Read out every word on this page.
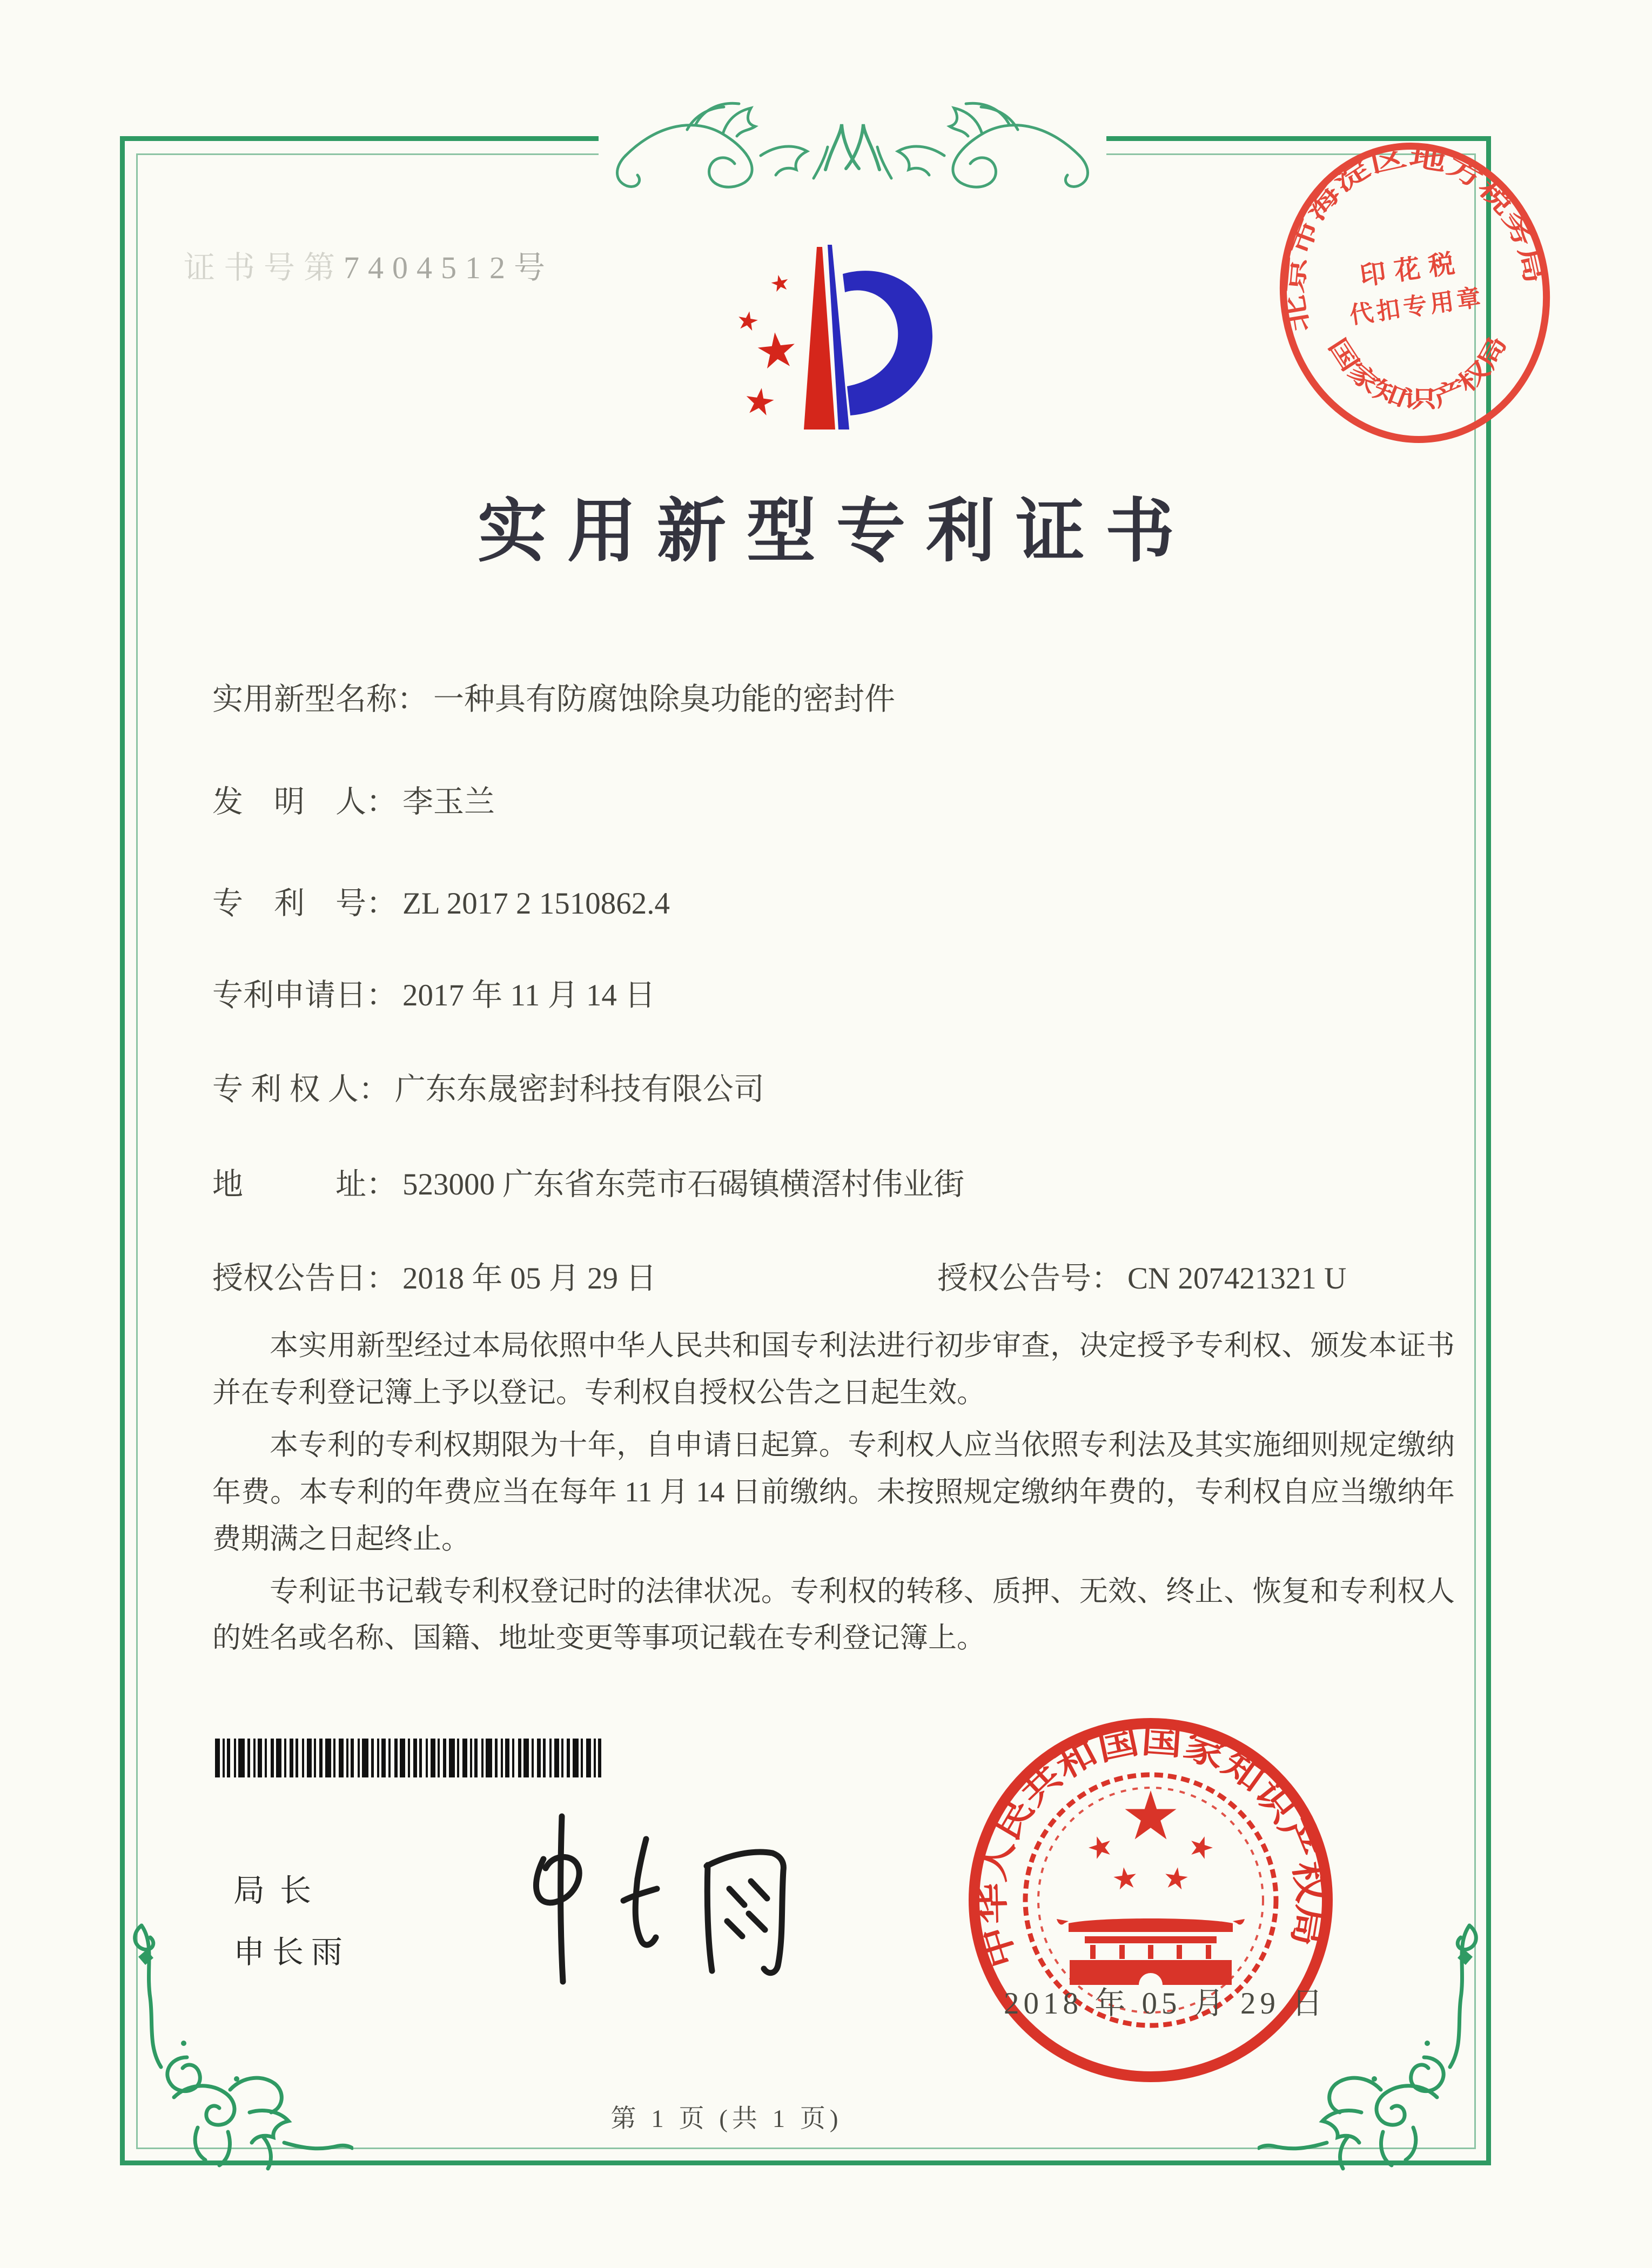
证书号第7404512号
实用新型专利证书
实用新型名称： 一种具有防腐蚀除臭功能的密封件
发　明　人： 李玉兰
专　利　号： ZL 2017 2 1510862.4
专利申请日： 2017 年 11 月 14 日
专 利 权 人： 广东东晟密封科技有限公司
地　　　址： 523000 广东省东莞市石碣镇横滘村伟业街
授权公告日： 2018 年 05 月 29 日	授权公告号： CN 207421321 U

本实用新型经过本局依照中华人民共和国专利法进行初步审查，决定授予专利权、颁发本证书并在专利登记簿上予以登记。专利权自授权公告之日起生效。

本专利的专利权期限为十年，自申请日起算。专利权人应当依照专利法及其实施细则规定缴纳年费。本专利的年费应当在每年 11 月 14 日前缴纳。未按照规定缴纳年费的，专利权自应当缴纳年费期满之日起终止。

专利证书记载专利权登记时的法律状况。专利权的转移、质押、无效、终止、恢复和专利权人的姓名或名称、国籍、地址变更等事项记载在专利登记簿上。

局长
申长雨	中华人民共和国国家知识产权局
2018 年 05 月 29 日
北京市海淀区地方税务局
国家知识产权局
印花税
代扣专用章
第 1 页 (共 1 页)
